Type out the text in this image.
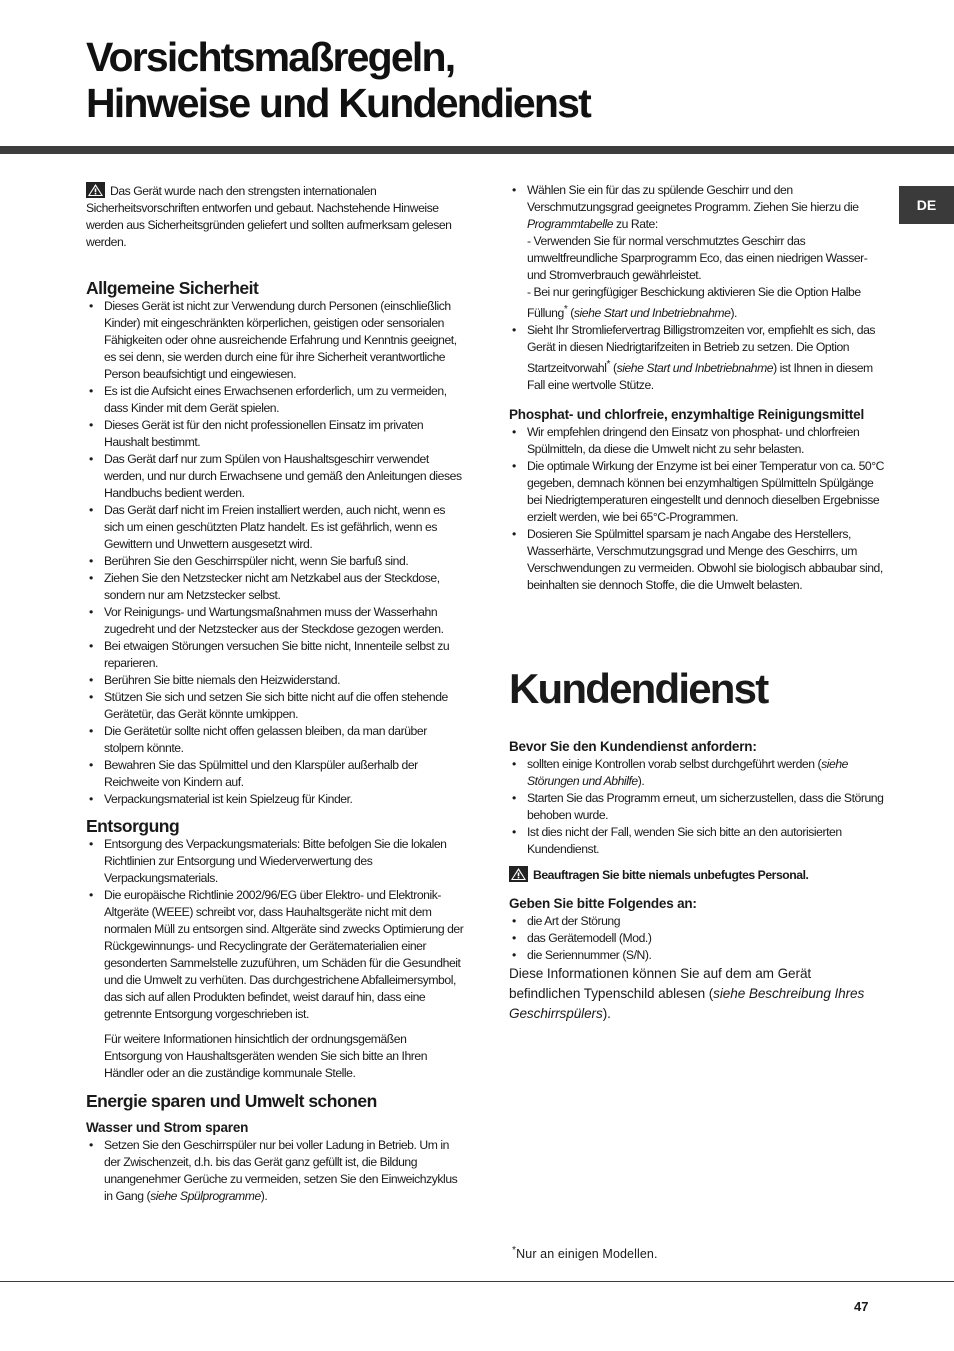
Vorsichtsmaßregeln,
Hinweise und Kundendienst
DE

Das Gerät wurde nach den strengsten internationalen Sicherheitsvorschriften entworfen und gebaut. Nachstehende Hinweise werden aus Sicherheitsgründen geliefert und sollten aufmerksam gelesen werden.

Allgemeine Sicherheit
• Dieses Gerät ist nicht zur Verwendung durch Personen (einschließlich Kinder) mit eingeschränkten körperlichen, geistigen oder sensorialen Fähigkeiten oder ohne ausreichende Erfahrung und Kenntnis geeignet, es sei denn, sie werden durch eine für ihre Sicherheit verantwortliche Person beaufsichtigt und eingewiesen.
• Es ist die Aufsicht eines Erwachsenen erforderlich, um zu vermeiden, dass Kinder mit dem Gerät spielen.
• Dieses Gerät ist für den nicht professionellen Einsatz im privaten Haushalt bestimmt.
• Das Gerät darf nur zum Spülen von Haushaltsgeschirr verwendet werden, und nur durch Erwachsene und gemäß den Anleitungen dieses Handbuchs bedient werden.
• Das Gerät darf nicht im Freien installiert werden, auch nicht, wenn es sich um einen geschützten Platz handelt. Es ist gefährlich, wenn es Gewittern und Unwettern ausgesetzt wird.
• Berühren Sie den Geschirrspüler nicht, wenn Sie barfuß sind.
• Ziehen Sie den Netzstecker nicht am Netzkabel aus der Steckdose, sondern nur am Netzstecker selbst.
• Vor Reinigungs- und Wartungsmaßnahmen muss der Wasserhahn zugedreht und der Netzstecker aus der Steckdose gezogen werden.
• Bei etwaigen Störungen versuchen Sie bitte nicht, Innenteile selbst zu reparieren.
• Berühren Sie bitte niemals den Heizwiderstand.
• Stützen Sie sich und setzen Sie sich bitte nicht auf die offen stehende Gerätetür, das Gerät könnte umkippen.
• Die Gerätetür sollte nicht offen gelassen bleiben, da man darüber stolpern könnte.
• Bewahren Sie das Spülmittel und den Klarspüler außerhalb der Reichweite von Kindern auf.
• Verpackungsmaterial ist kein Spielzeug für Kinder.
Entsorgung
• Entsorgung des Verpackungsmaterials: Bitte befolgen Sie die lokalen Richtlinien zur Entsorgung und Wiederverwertung des Verpackungsmaterials.
• Die europäische Richtlinie 2002/96/EG über Elektro- und Elektronik-Altgeräte (WEEE) schreibt vor, dass Hauhaltsgeräte nicht mit dem normalen Müll zu entsorgen sind. Altgeräte sind zwecks Optimierung der Rückgewinnungs- und Recyclingrate der Gerätematerialien einer gesonderten Sammelstelle zuzuführen, um Schäden für die Gesundheit und die Umwelt zu verhüten. Das durchgestrichene Abfalleimersymbol, das sich auf allen Produkten befindet, weist darauf hin, dass eine getrennte Entsorgung vorgeschrieben ist.

Für weitere Informationen hinsichtlich der ordnungsgemäßen Entsorgung von Haushaltsgeräten wenden Sie sich bitte an Ihren Händler oder an die zuständige kommunale Stelle.

Energie sparen und Umwelt schonen
Wasser und Strom sparen
• Setzen Sie den Geschirrspüler nur bei voller Ladung in Betrieb. Um in der Zwischenzeit, d.h. bis das Gerät ganz gefüllt ist, die Bildung unangenehmer Gerüche zu vermeiden, setzen Sie den Einweichzyklus in Gang (siehe Spülprogramme).
• Wählen Sie ein für das zu spülende Geschirr und den Verschmutzungsgrad geeignetes Programm. Ziehen Sie hierzu die Programmtabelle zu Rate:
- Verwenden Sie für normal verschmutztes Geschirr das umweltfreundliche Sparprogramm Eco, das einen niedrigen Wasser- und Stromverbrauch gewährleistet.
- Bei nur geringfügiger Beschickung aktivieren Sie die Option Halbe Füllung* (siehe Start und Inbetriebnahme).
• Sieht Ihr Stromliefervertrag Billigstromzeiten vor, empfiehlt es sich, das Gerät in diesen Niedrigtarifzeiten in Betrieb zu setzen. Die Option Startzeitvorwahl* (siehe Start und Inbetriebnahme) ist Ihnen in diesem Fall eine wertvolle Stütze.
Phosphat- und chlorfreie, enzymhaltige Reinigungsmittel
• Wir empfehlen dringend den Einsatz von phosphat- und chlorfreien Spülmitteln, da diese die Umwelt nicht zu sehr belasten.
• Die optimale Wirkung der Enzyme ist bei einer Temperatur von ca. 50°C gegeben, demnach können bei enzymhaltigen Spülmitteln Spülgänge bei Niedrigtemperaturen eingestellt und dennoch dieselben Ergebnisse erzielt werden, wie bei 65°C-Programmen.
• Dosieren Sie Spülmittel sparsam je nach Angabe des Herstellers, Wasserhärte, Verschmutzungsgrad und Menge des Geschirrs, um Verschwendungen zu vermeiden. Obwohl sie biologisch abbaubar sind, beinhalten sie dennoch Stoffe, die die Umwelt belasten.
Kundendienst
Bevor Sie den Kundendienst anfordern:
• sollten einige Kontrollen vorab selbst durchgeführt werden (siehe Störungen und Abhilfe).
• Starten Sie das Programm erneut, um sicherzustellen, dass die Störung behoben wurde.
• Ist dies nicht der Fall, wenden Sie sich bitte an den autorisierten Kundendienst.

Beauftragen Sie bitte niemals unbefugtes Personal.

Geben Sie bitte Folgendes an:
• die Art der Störung
• das Gerätemodell (Mod.)
• die Seriennummer (S/N).

Diese Informationen können Sie auf dem am Gerät befindlichen Typenschild ablesen (siehe Beschreibung Ihres Geschirrspülers).

*Nur an einigen Modellen.
47
